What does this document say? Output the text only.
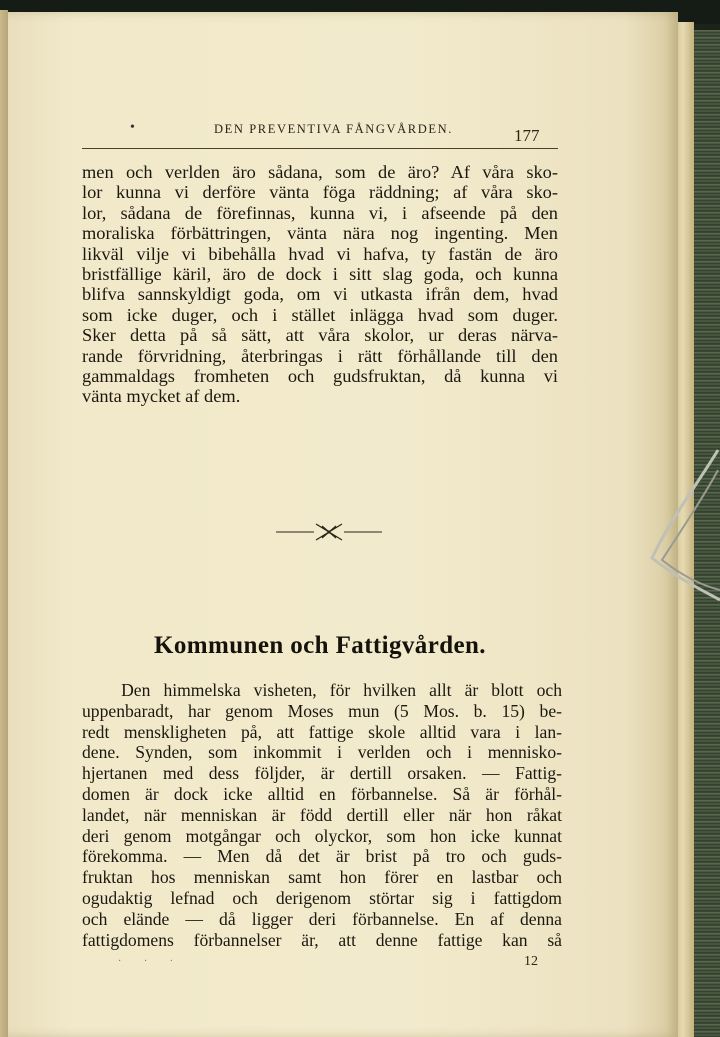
•	DEN PREVENTIVA FÅNGVÅRDEN.	177
men och verlden äro sådana, som de äro? Af våra sko-
lor kunna vi derföre vänta föga räddning; af våra sko-
lor, sådana de förefinnas, kunna vi, i afseende på den
moraliska förbättringen, vänta nära nog ingenting. Men
likväl vilje vi bibehålla hvad vi hafva, ty fastän de äro
bristfällige käril, äro de dock i sitt slag goda, och kunna
blifva sannskyldigt goda, om vi utkasta ifrån dem, hvad
som icke duger, och i stället inlägga hvad som duger.
Sker detta på så sätt, att våra skolor, ur deras närva-
rande förvridning, återbringas i rätt förhållande till den
gammaldags fromheten och gudsfruktan, då kunna vi
vänta mycket af dem.
Kommunen och Fattigvården.
Den himmelska visheten, för hvilken allt är blott och
uppenbaradt, har genom Moses mun (5 Mos. b. 15) be-
redt menskligheten på, att fattige skole alltid vara i lan-
dene. Synden, som inkommit i verlden och i mennisko-
hjertanen med dess följder, är dertill orsaken. — Fattig-
domen är dock icke alltid en förbannelse. Så är förhål-
landet, när menniskan är född dertill eller när hon råkat
deri genom motgångar och olyckor, som hon icke kunnat
förekomma. — Men då det är brist på tro och guds-
fruktan hos menniskan samt hon förer en lastbar och
ogudaktig lefnad och derigenom störtar sig i fattigdom
och elände — då ligger deri förbannelse. En af denna
fattigdomens förbannelser är, att denne fattige kan så
· · ·	12
